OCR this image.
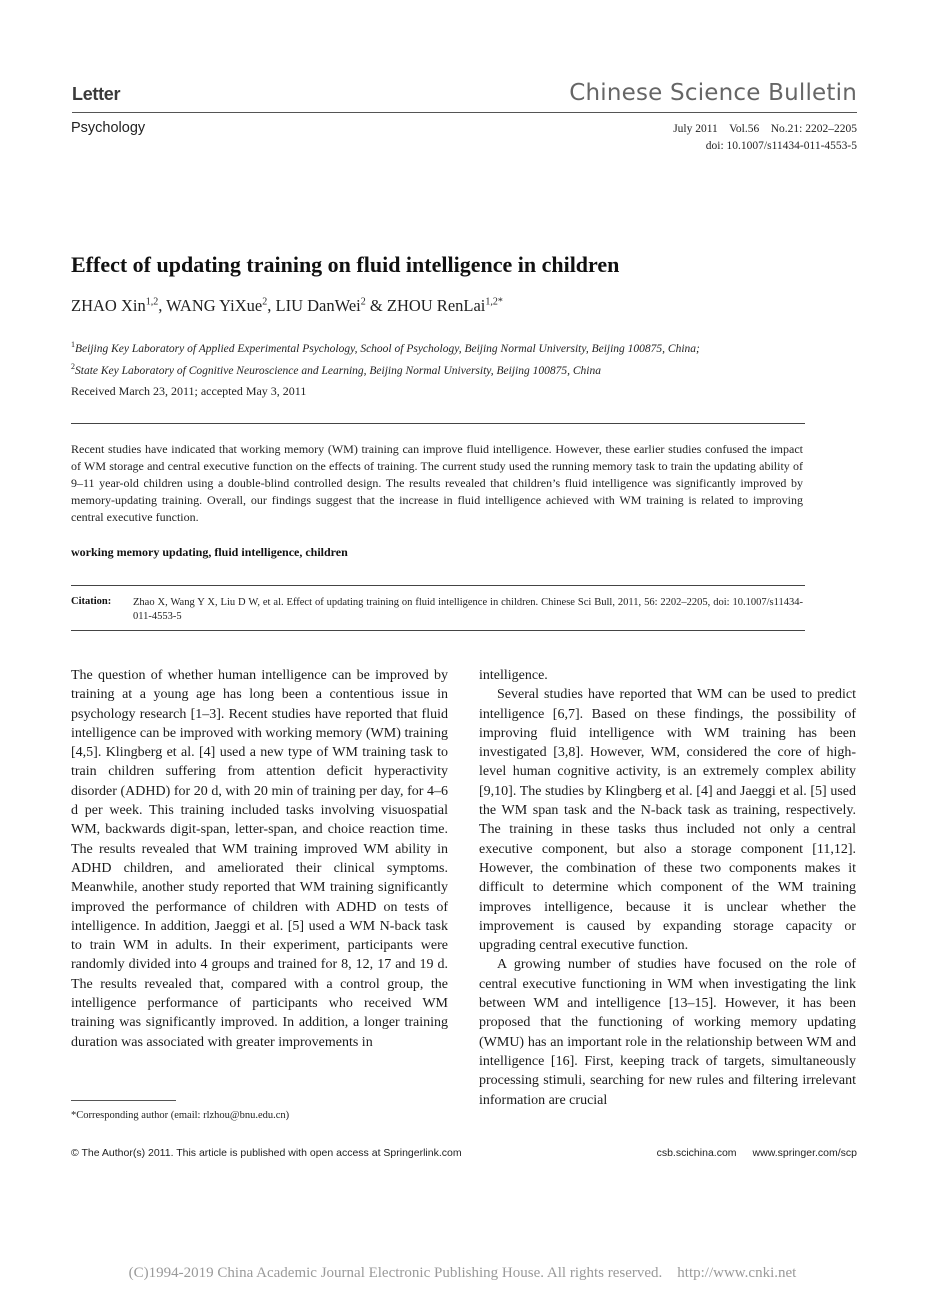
Letter	Chinese Science Bulletin
Psychology	July 2011    Vol.56    No.21: 2202–2205
doi: 10.1007/s11434-011-4553-5
Effect of updating training on fluid intelligence in children
ZHAO Xin$^{1,2}$, WANG YiXue$^2$, LIU DanWei$^2$ & ZHOU RenLai$^{1,2*}$
$^1$Beijing Key Laboratory of Applied Experimental Psychology, School of Psychology, Beijing Normal University, Beijing 100875, China;
$^2$State Key Laboratory of Cognitive Neuroscience and Learning, Beijing Normal University, Beijing 100875, China
Received March 23, 2011; accepted May 3, 2011
Recent studies have indicated that working memory (WM) training can improve fluid intelligence. However, these earlier studies confused the impact of WM storage and central executive function on the effects of training. The current study used the running memory task to train the updating ability of 9–11 year-old children using a double-blind controlled design. The results revealed that children’s fluid intelligence was significantly improved by memory-updating training. Overall, our findings suggest that the increase in fluid intelligence achieved with WM training is related to improving central executive function.
working memory updating, fluid intelligence, children
Citation: Zhao X, Wang Y X, Liu D W, et al. Effect of updating training on fluid intelligence in children. Chinese Sci Bull, 2011, 56: 2202–2205, doi: 10.1007/s11434- 011-4553-5

The question of whether human intelligence can be improved by training at a young age has long been a contentious issue in psychology research [1–3]. Recent studies have reported that fluid intelligence can be improved with working memory (WM) training [4,5]. Klingberg et al. [4] used a new type of WM training task to train children suffering from attention deficit hyperactivity disorder (ADHD) for 20 d, with 20 min of training per day, for 4–6 d per week. This training included tasks involving visuospatial WM, backwards digit-span, letter-span, and choice reaction time. The results revealed that WM training improved WM ability in ADHD children, and ameliorated their clinical symptoms. Meanwhile, another study reported that WM training significantly improved the performance of children with ADHD on tests of intelligence. In addition, Jaeggi et al. [5] used a WM N-back task to train WM in adults. In their experiment, participants were randomly divided into 4 groups and trained for 8, 12, 17 and 19 d. The results revealed that, compared with a control group, the intelligence performance of participants who received WM training was significantly improved. In addition, a longer training duration was associated with greater improvements in

intelligence.

Several studies have reported that WM can be used to predict intelligence [6,7]. Based on these findings, the possibility of improving fluid intelligence with WM training has been investigated [3,8]. However, WM, considered the core of high-level human cognitive activity, is an extremely complex ability [9,10]. The studies by Klingberg et al. [4] and Jaeggi et al. [5] used the WM span task and the N-back task as training, respectively. The training in these tasks thus included not only a central executive component, but also a storage component [11,12]. However, the combination of these two components makes it difficult to determine which component of the WM training improves intelligence, because it is unclear whether the improvement is caused by expanding storage capacity or upgrading central executive function.

A growing number of studies have focused on the role of central executive functioning in WM when investigating the link between WM and intelligence [13–15]. However, it has been proposed that the functioning of working memory updating (WMU) has an important role in the relationship between WM and intelligence [16]. First, keeping track of targets, simultaneously processing stimuli, searching for new rules and filtering irrelevant information are crucial

*Corresponding author (email: rlzhou@bnu.edu.cn)
© The Author(s) 2011. This article is published with open access at Springerlink.com	csb.scichina.com www.springer.com/scp
(C)1994-2019 China Academic Journal Electronic Publishing House. All rights reserved.    http://www.cnki.net
